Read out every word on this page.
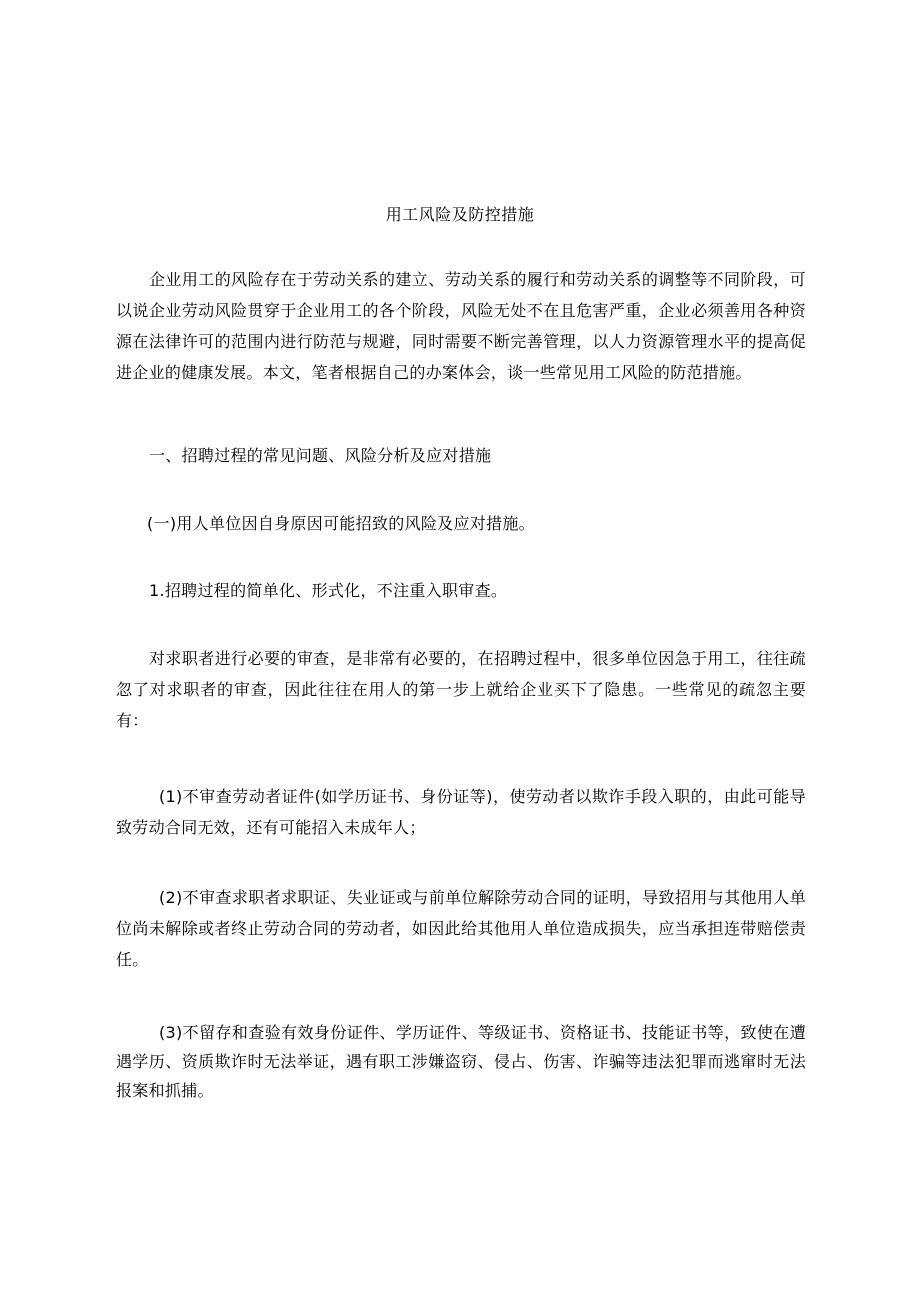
用工风险及防控措施
企业用工的风险存在于劳动关系的建立、劳动关系的履行和劳动关系的调整等不同阶段，可以说企业劳动风险贯穿于企业用工的各个阶段，风险无处不在且危害严重，企业必须善用各种资源在法律许可的范围内进行防范与规避，同时需要不断完善管理，以人力资源管理水平的提高促进企业的健康发展。本文，笔者根据自己的办案体会，谈一些常见用工风险的防范措施。
一、招聘过程的常见问题、风险分析及应对措施
(一)用人单位因自身原因可能招致的风险及应对措施。
1.招聘过程的简单化、形式化，不注重入职审查。
对求职者进行必要的审查，是非常有必要的，在招聘过程中，很多单位因急于用工，往往疏忽了对求职者的审查，因此往往在用人的第一步上就给企业买下了隐患。一些常见的疏忽主要有：
(1)不审查劳动者证件(如学历证书、身份证等)，使劳动者以欺诈手段入职的，由此可能导致劳动合同无效，还有可能招入未成年人；
(2)不审查求职者求职证、失业证或与前单位解除劳动合同的证明，导致招用与其他用人单位尚未解除或者终止劳动合同的劳动者，如因此给其他用人单位造成损失，应当承担连带赔偿责任。
(3)不留存和查验有效身份证件、学历证件、等级证书、资格证书、技能证书等，致使在遭遇学历、资质欺诈时无法举证，遇有职工涉嫌盗窃、侵占、伤害、诈骗等违法犯罪而逃窜时无法报案和抓捕。
